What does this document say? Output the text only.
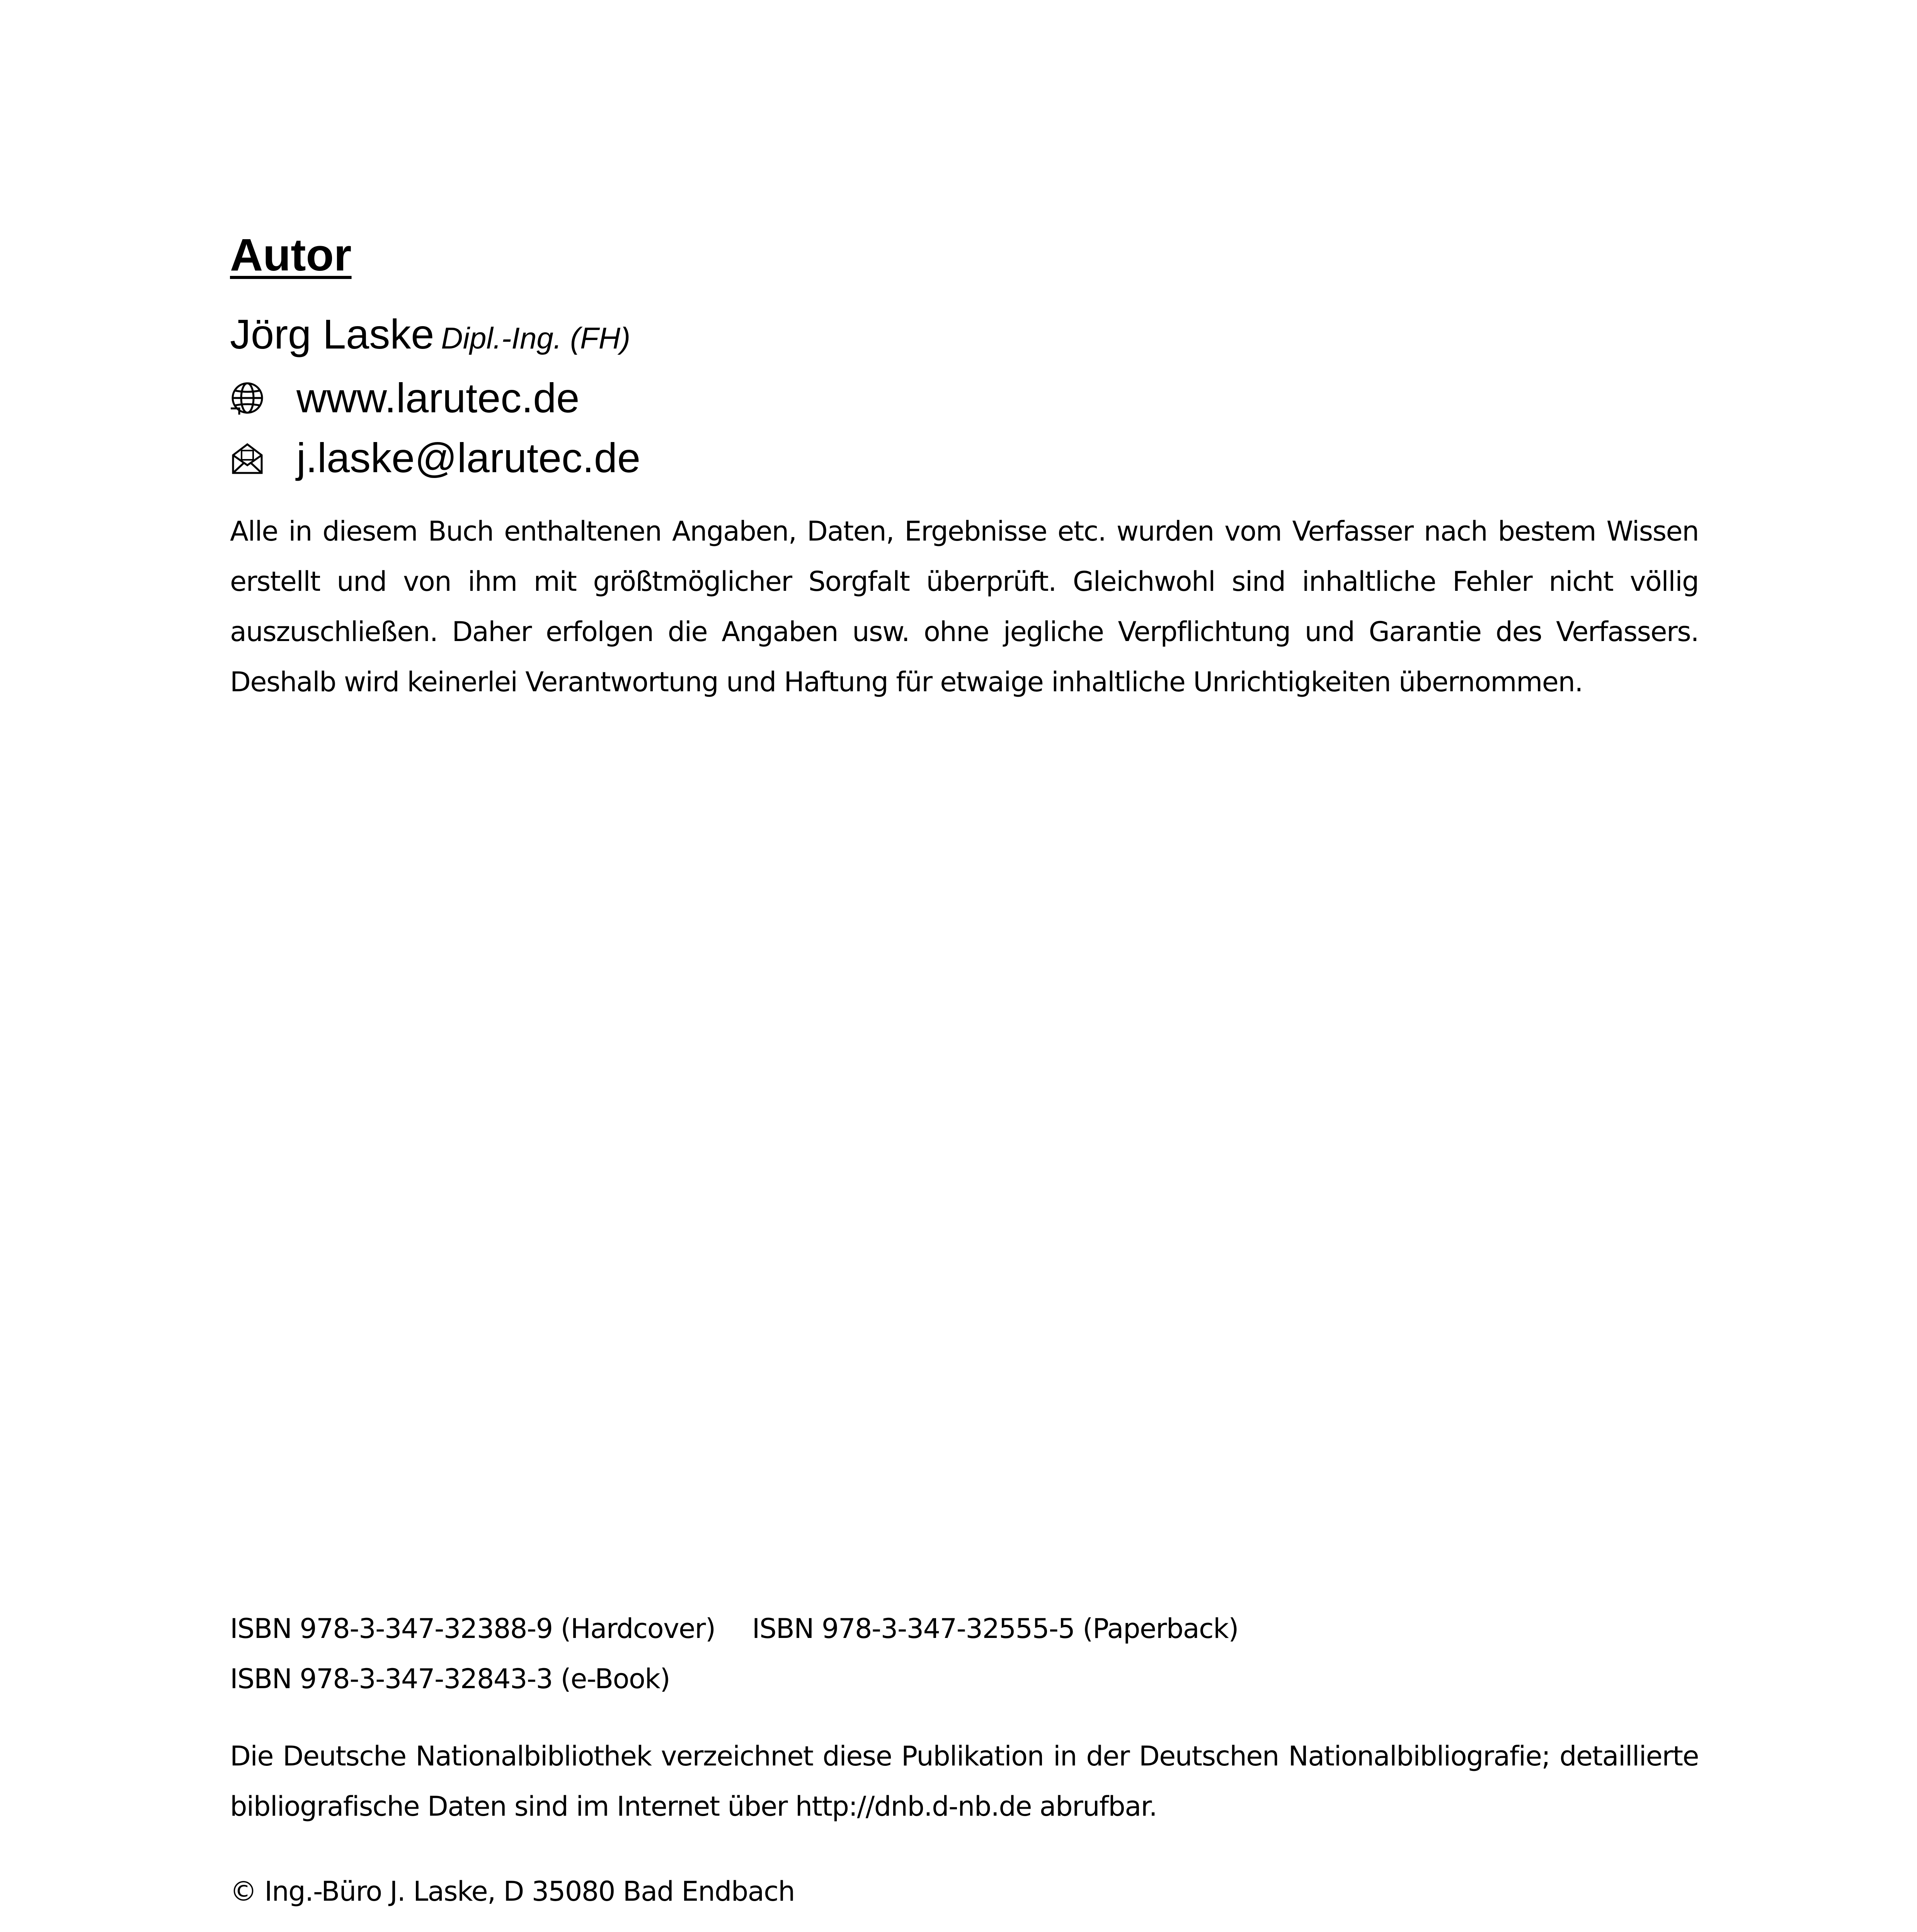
Autor
Jörg Laske Dipl.-Ing. (FH)
www.larutec.de
j.laske@larutec.de

Alle in diesem Buch enthaltenen Angaben, Daten, Ergebnisse etc. wurden vom Verfasser nach bestem Wissen erstellt und von ihm mit größtmöglicher Sorgfalt überprüft. Gleichwohl sind inhaltliche Fehler nicht völlig auszuschließen. Daher erfolgen die Angaben usw. ohne jegliche Verpflichtung und Garantie des Verfassers. Deshalb wird keinerlei Verantwortung und Haftung für etwaige inhaltliche Unrichtigkeiten übernommen.

ISBN 978-3-347-32388-9 (Hardcover) ISBN 978-3-347-32555-5 (Paperback)
ISBN 978-3-347-32843-3 (e-Book)

Die Deutsche Nationalbibliothek verzeichnet diese Publikation in der Deutschen Nationalbibliografie; detaillierte bibliografische Daten sind im Internet über http://dnb.d-nb.de abrufbar.

© Ing.-Büro J. Laske, D 35080 Bad Endbach
